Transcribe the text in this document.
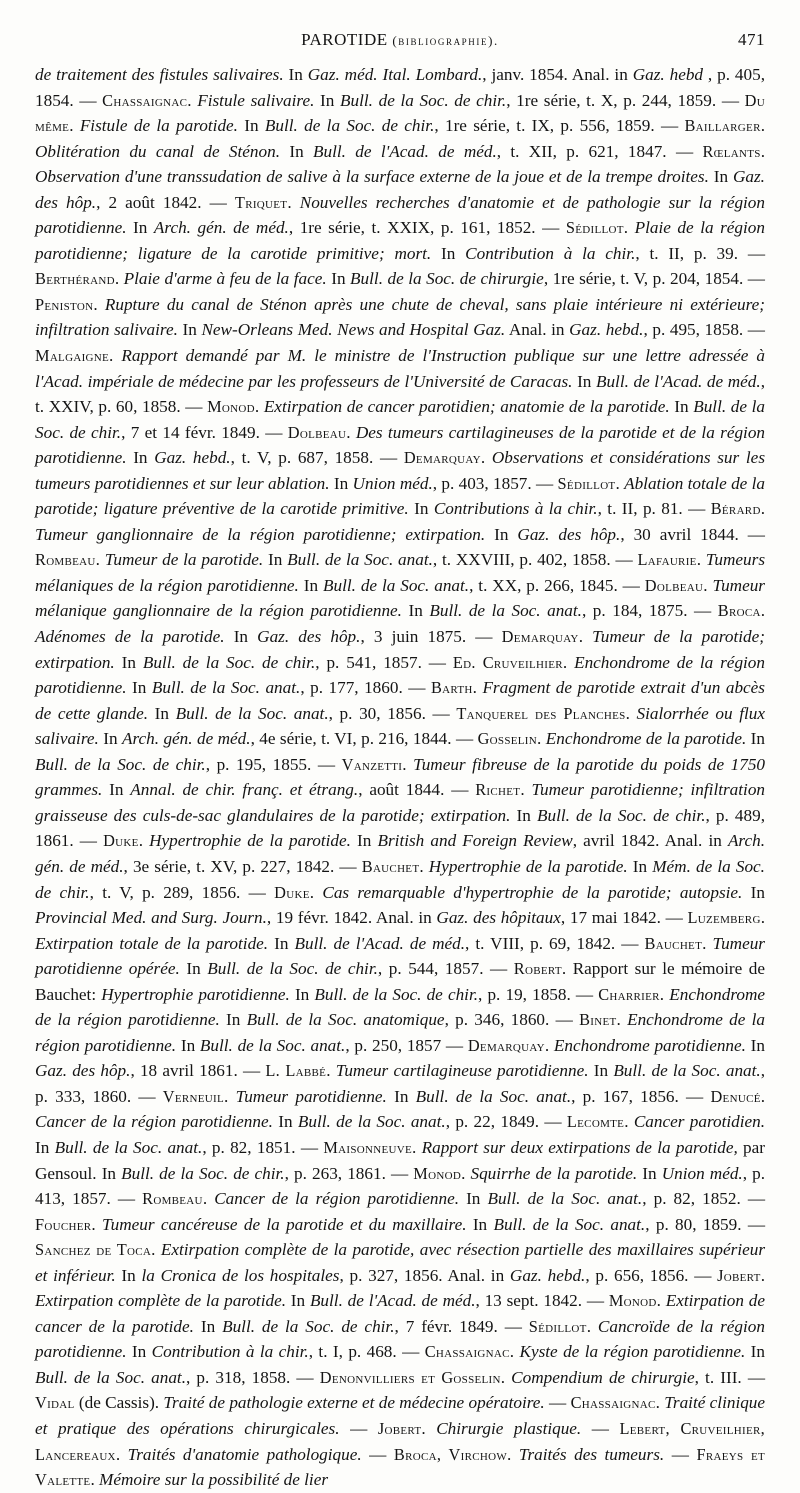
PAROTIDE (bibliographie).	471
de traitement des fistules salivaires. In Gaz. méd. Ital. Lombard., janv. 1854. Anal. in Gaz. hebd , p. 405, 1854. — Chassaignac. Fistule salivaire. In Bull. de la Soc. de chir., 1re série, t. X, p. 244, 1859. — Du même. Fistule de la parotide. In Bull. de la Soc. de chir., 1re série, t. IX, p. 556, 1859. — Baillarger. Oblitération du canal de Sténon. In Bull. de l'Acad. de méd., t. XII, p. 621, 1847. — Rœlants. Observation d'une transsudation de salive à la surface externe de la joue et de la trempe droites. In Gaz. des hôp., 2 août 1842. — Triquet. Nouvelles recherches d'anatomie et de pathologie sur la région parotidienne. In Arch. gén. de méd., 1re série, t. XXIX, p. 161, 1852. — Sédillot. Plaie de la région parotidienne; ligature de la carotide primitive; mort. In Contribution à la chir., t. II, p. 39. — Berthérand. Plaie d'arme à feu de la face. In Bull. de la Soc. de chirurgie, 1re série, t. V, p. 204, 1854. — Peniston. Rupture du canal de Sténon après une chute de cheval, sans plaie intérieure ni extérieure; infiltration salivaire. In New-Orleans Med. News and Hospital Gaz. Anal. in Gaz. hebd., p. 495, 1858. — Malgaigne. Rapport demandé par M. le ministre de l'Instruction publique sur une lettre adressée à l'Acad. impériale de médecine par les professeurs de l'Université de Caracas. In Bull. de l'Acad. de méd., t. XXIV, p. 60, 1858. — Monod. Extirpation de cancer parotidien; anatomie de la parotide. In Bull. de la Soc. de chir., 7 et 14 févr. 1849. — Dolbeau. Des tumeurs cartilagineuses de la parotide et de la région parotidienne. In Gaz. hebd., t. V, p. 687, 1858. — Demarquay. Observations et considérations sur les tumeurs parotidiennes et sur leur ablation. In Union méd., p. 403, 1857. — Sédillot. Ablation totale de la parotide; ligature préventive de la carotide primitive. In Contributions à la chir., t. II, p. 81. — Bérard. Tumeur ganglionnaire de la région parotidienne; extirpation. In Gaz. des hôp., 30 avril 1844. — Rombeau. Tumeur de la parotide. In Bull. de la Soc. anat., t. XXVIII, p. 402, 1858. — Lafaurie. Tumeurs mélaniques de la région parotidienne. In Bull. de la Soc. anat., t. XX, p. 266, 1845. — Dolbeau. Tumeur mélanique ganglionnaire de la région parotidienne. In Bull. de la Soc. anat., p. 184, 1875. — Broca. Adénomes de la parotide. In Gaz. des hôp., 3 juin 1875. — Demarquay. Tumeur de la parotide; extirpation. In Bull. de la Soc. de chir., p. 541, 1857. — Ed. Cruveilhier. Enchondrome de la région parotidienne. In Bull. de la Soc. anat., p. 177, 1860. — Barth. Fragment de parotide extrait d'un abcès de cette glande. In Bull. de la Soc. anat., p. 30, 1856. — Tanquerel des Planches. Sialorrhée ou flux salivaire. In Arch. gén. de méd., 4e série, t. VI, p. 216, 1844. — Gosselin. Enchondrome de la parotide. In Bull. de la Soc. de chir., p. 195, 1855. — Vanzetti. Tumeur fibreuse de la parotide du poids de 1750 grammes. In Annal. de chir. franç. et étrang., août 1844. — Richet. Tumeur parotidienne; infiltration graisseuse des culs-de-sac glandulaires de la parotide; extirpation. In Bull. de la Soc. de chir., p. 489, 1861. — Duke. Hypertrophie de la parotide. In British and Foreign Review, avril 1842. Anal. in Arch. gén. de méd., 3e série, t. XV, p. 227, 1842. — Bauchet. Hypertrophie de la parotide. In Mém. de la Soc. de chir., t. V, p. 289, 1856. — Duke. Cas remarquable d'hypertrophie de la parotide; autopsie. In Provincial Med. and Surg. Journ., 19 févr. 1842. Anal. in Gaz. des hôpitaux, 17 mai 1842. — Luzemberg. Extirpation totale de la parotide. In Bull. de l'Acad. de méd., t. VIII, p. 69, 1842. — Bauchet. Tumeur parotidienne opérée. In Bull. de la Soc. de chir., p. 544, 1857. — Robert. Rapport sur le mémoire de Bauchet: Hypertrophie parotidienne. In Bull. de la Soc. de chir., p. 19, 1858. — Charrier. Enchondrome de la région parotidienne. In Bull. de la Soc. anatomique, p. 346, 1860. — Binet. Enchondrome de la région parotidienne. In Bull. de la Soc. anat., p. 250, 1857 — Demarquay. Enchondrome parotidienne. In Gaz. des hôp., 18 avril 1861. — L. Labbé. Tumeur cartilagineuse parotidienne. In Bull. de la Soc. anat., p. 333, 1860. — Verneuil. Tumeur parotidienne. In Bull. de la Soc. anat., p. 167, 1856. — Denucé. Cancer de la région parotidienne. In Bull. de la Soc. anat., p. 22, 1849. — Lecomte. Cancer parotidien. In Bull. de la Soc. anat., p. 82, 1851. — Maisonneuve. Rapport sur deux extirpations de la parotide, par Gensoul. In Bull. de la Soc. de chir., p. 263, 1861. — Monod. Squirrhe de la parotide. In Union méd., p. 413, 1857. — Rombeau. Cancer de la région parotidienne. In Bull. de la Soc. anat., p. 82, 1852. — Foucher. Tumeur cancéreuse de la parotide et du maxillaire. In Bull. de la Soc. anat., p. 80, 1859. — Sanchez de Toca. Extirpation complète de la parotide, avec résection partielle des maxillaires supérieur et inférieur. In la Cronica de los hospitales, p. 327, 1856. Anal. in Gaz. hebd., p. 656, 1856. — Jobert. Extirpation complète de la parotide. In Bull. de l'Acad. de méd., 13 sept. 1842. — Monod. Extirpation de cancer de la parotide. In Bull. de la Soc. de chir., 7 févr. 1849. — Sédillot. Cancroïde de la région parotidienne. In Contribution à la chir., t. I, p. 468. — Chassaignac. Kyste de la région parotidienne. In Bull. de la Soc. anat., p. 318, 1858. — Denonvilliers et Gosselin. Compendium de chirurgie, t. III. — Vidal (de Cassis). Traité de pathologie externe et de médecine opératoire. — Chassaignac. Traité clinique et pratique des opérations chirurgicales. — Jobert. Chirurgie plastique. — Lebert, Cruveilhier, Lancereaux. Traités d'anatomie pathologique. — Broca, Virchow. Traités des tumeurs. — Fraeys et Valette. Mémoire sur la possibilité de lier
